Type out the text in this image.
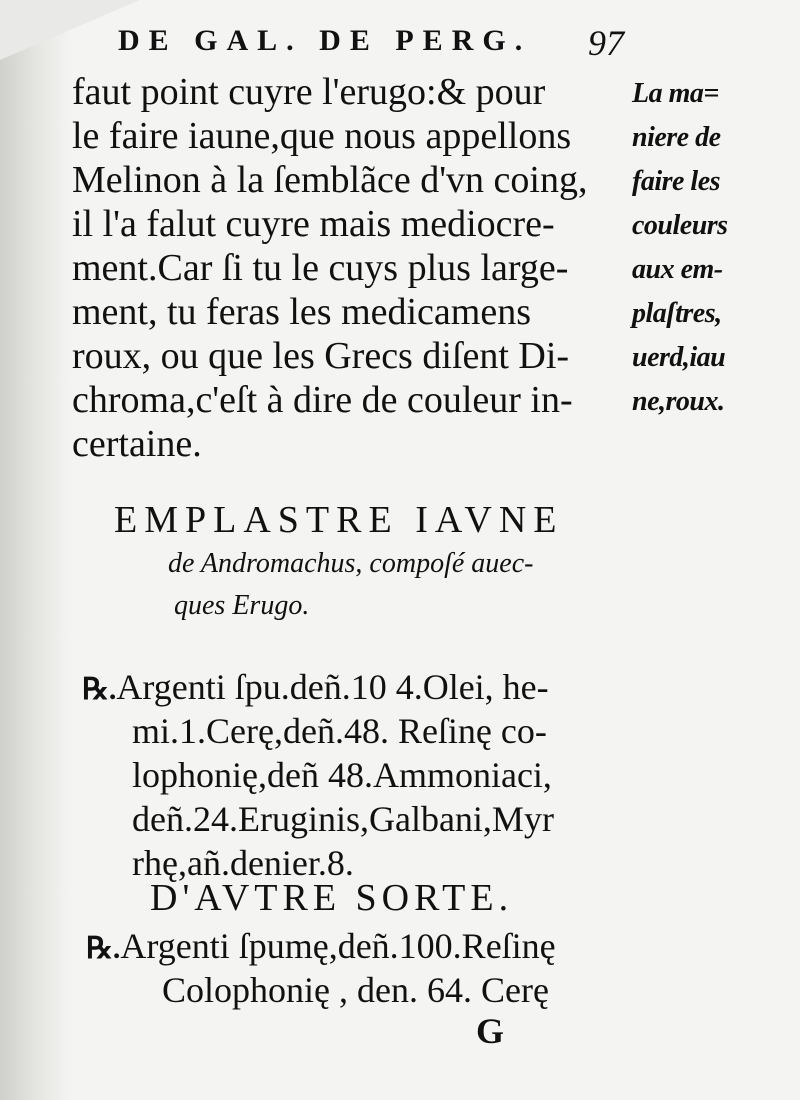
DE GAL. DE PERG. 97
faut point cuyre l'erugo:& pour
le faire iaune,que nous appellons
Melinon à la ſemblãce d'vn coing,
il l'a falut cuyre mais mediocre-
ment.Car ſi tu le cuys plus large-
ment, tu feras les medicamens
roux, ou que les Grecs diſent Di-
chroma,c'eſt à dire de couleur in-
certaine.
La ma=
niere de
faire les
couleurs
aux em-
plaſtres,
uerd,iau
ne,roux.
EMPLASTRE IAVNE
de Andromachus, compoſé auec-
ques Erugo.
℞.Argenti ſpu.deñ.10 4.Olei, he-
mi.1.Cerę,deñ.48. Reſinę co-
lophonię,deñ 48.Ammoniaci,
deñ.24.Eruginis,Galbani,Myr
rhę,añ.denier.8.
D'AVTRE SORTE.
℞.Argenti ſpumę,deñ.100.Reſinę
Colophonię , den. 64. Cerę
G
